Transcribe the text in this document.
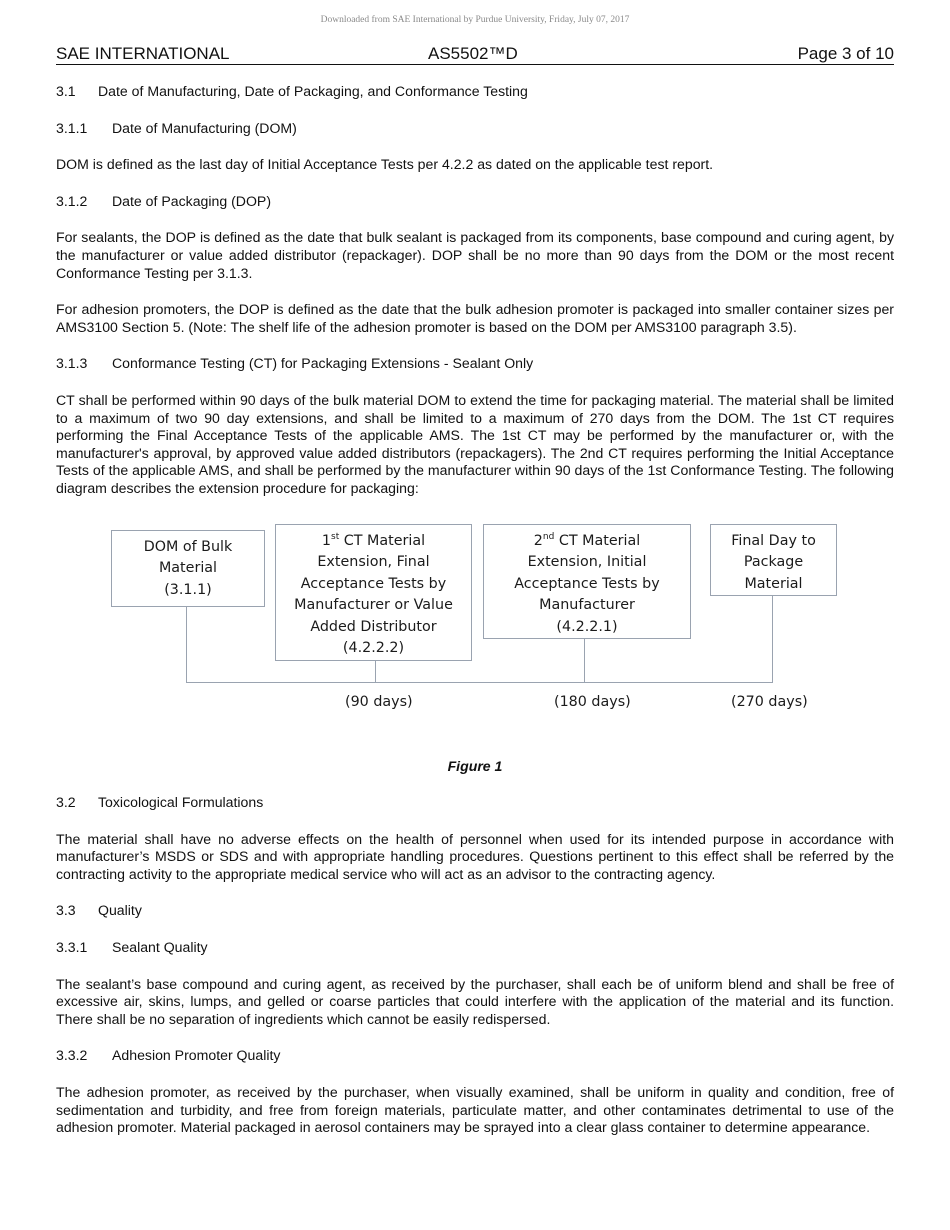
Downloaded from SAE International by Purdue University, Friday, July 07, 2017
SAE INTERNATIONAL	AS5502™D	Page 3 of 10

3.1 Date of Manufacturing, Date of Packaging, and Conformance Testing

3.1.1 Date of Manufacturing (DOM)

DOM is defined as the last day of Initial Acceptance Tests per 4.2.2 as dated on the applicable test report.

3.1.2 Date of Packaging (DOP)

For sealants, the DOP is defined as the date that bulk sealant is packaged from its components, base compound and curing agent, by the manufacturer or value added distributor (repackager). DOP shall be no more than 90 days from the DOM or the most recent Conformance Testing per 3.1.3.

For adhesion promoters, the DOP is defined as the date that the bulk adhesion promoter is packaged into smaller container sizes per AMS3100 Section 5. (Note: The shelf life of the adhesion promoter is based on the DOM per AMS3100 paragraph 3.5).

3.1.3 Conformance Testing (CT) for Packaging Extensions - Sealant Only

CT shall be performed within 90 days of the bulk material DOM to extend the time for packaging material. The material shall be limited to a maximum of two 90 day extensions, and shall be limited to a maximum of 270 days from the DOM. The 1st CT requires performing the Final Acceptance Tests of the applicable AMS. The 1st CT may be performed by the manufacturer or, with the manufacturer's approval, by approved value added distributors (repackagers). The 2nd CT requires performing the Initial Acceptance Tests of the applicable AMS, and shall be performed by the manufacturer within 90 days of the 1st Conformance Testing. The following diagram describes the extension procedure for packaging:

DOM of Bulk
Material
(3.1.1)
1st CT Material
Extension, Final
Acceptance Tests by
Manufacturer or Value
Added Distributor
(4.2.2.2)
2nd CT Material
Extension, Initial
Acceptance Tests by
Manufacturer
(4.2.2.1)
Final Day to
Package
Material
(90 days)	(180 days)	(270 days)

Figure 1

3.2 Toxicological Formulations

The material shall have no adverse effects on the health of personnel when used for its intended purpose in accordance with manufacturer’s MSDS or SDS and with appropriate handling procedures. Questions pertinent to this effect shall be referred by the contracting activity to the appropriate medical service who will act as an advisor to the contracting agency.

3.3 Quality

3.3.1 Sealant Quality

The sealant’s base compound and curing agent, as received by the purchaser, shall each be of uniform blend and shall be free of excessive air, skins, lumps, and gelled or coarse particles that could interfere with the application of the material and its function. There shall be no separation of ingredients which cannot be easily redispersed.

3.3.2 Adhesion Promoter Quality

The adhesion promoter, as received by the purchaser, when visually examined, shall be uniform in quality and condition, free of sedimentation and turbidity, and free from foreign materials, particulate matter, and other contaminates detrimental to use of the adhesion promoter. Material packaged in aerosol containers may be sprayed into a clear glass container to determine appearance.
